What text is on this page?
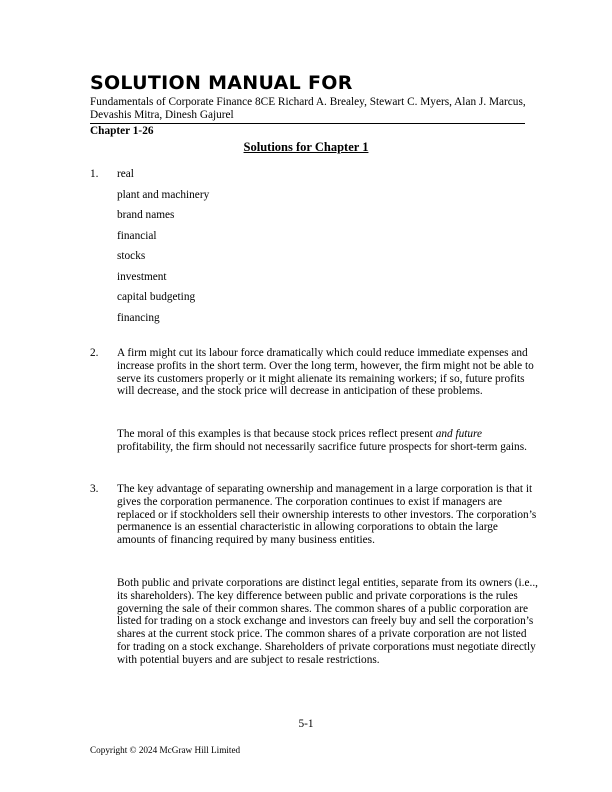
SOLUTION MANUAL FOR
Fundamentals of Corporate Finance 8CE Richard A. Brealey, Stewart C. Myers, Alan J. Marcus, Devashis Mitra, Dinesh Gajurel
Chapter 1-26
Solutions for Chapter 1
1. real
plant and machinery
brand names
financial
stocks
investment
capital budgeting
financing
2. A firm might cut its labour force dramatically which could reduce immediate expenses and increase profits in the short term. Over the long term, however, the firm might not be able to serve its customers properly or it might alienate its remaining workers; if so, future profits will decrease, and the stock price will decrease in anticipation of these problems.
The moral of this examples is that because stock prices reflect present and future profitability, the firm should not necessarily sacrifice future prospects for short-term gains.
3. The key advantage of separating ownership and management in a large corporation is that it gives the corporation permanence. The corporation continues to exist if managers are replaced or if stockholders sell their ownership interests to other investors. The corporation’s permanence is an essential characteristic in allowing corporations to obtain the large amounts of financing required by many business entities.
Both public and private corporations are distinct legal entities, separate from its owners (i.e.., its shareholders). The key difference between public and private corporations is the rules governing the sale of their common shares. The common shares of a public corporation are listed for trading on a stock exchange and investors can freely buy and sell the corporation’s shares at the current stock price. The common shares of a private corporation are not listed for trading on a stock exchange. Shareholders of private corporations must negotiate directly with potential buyers and are subject to resale restrictions.
5-1
Copyright © 2024 McGraw Hill Limited
